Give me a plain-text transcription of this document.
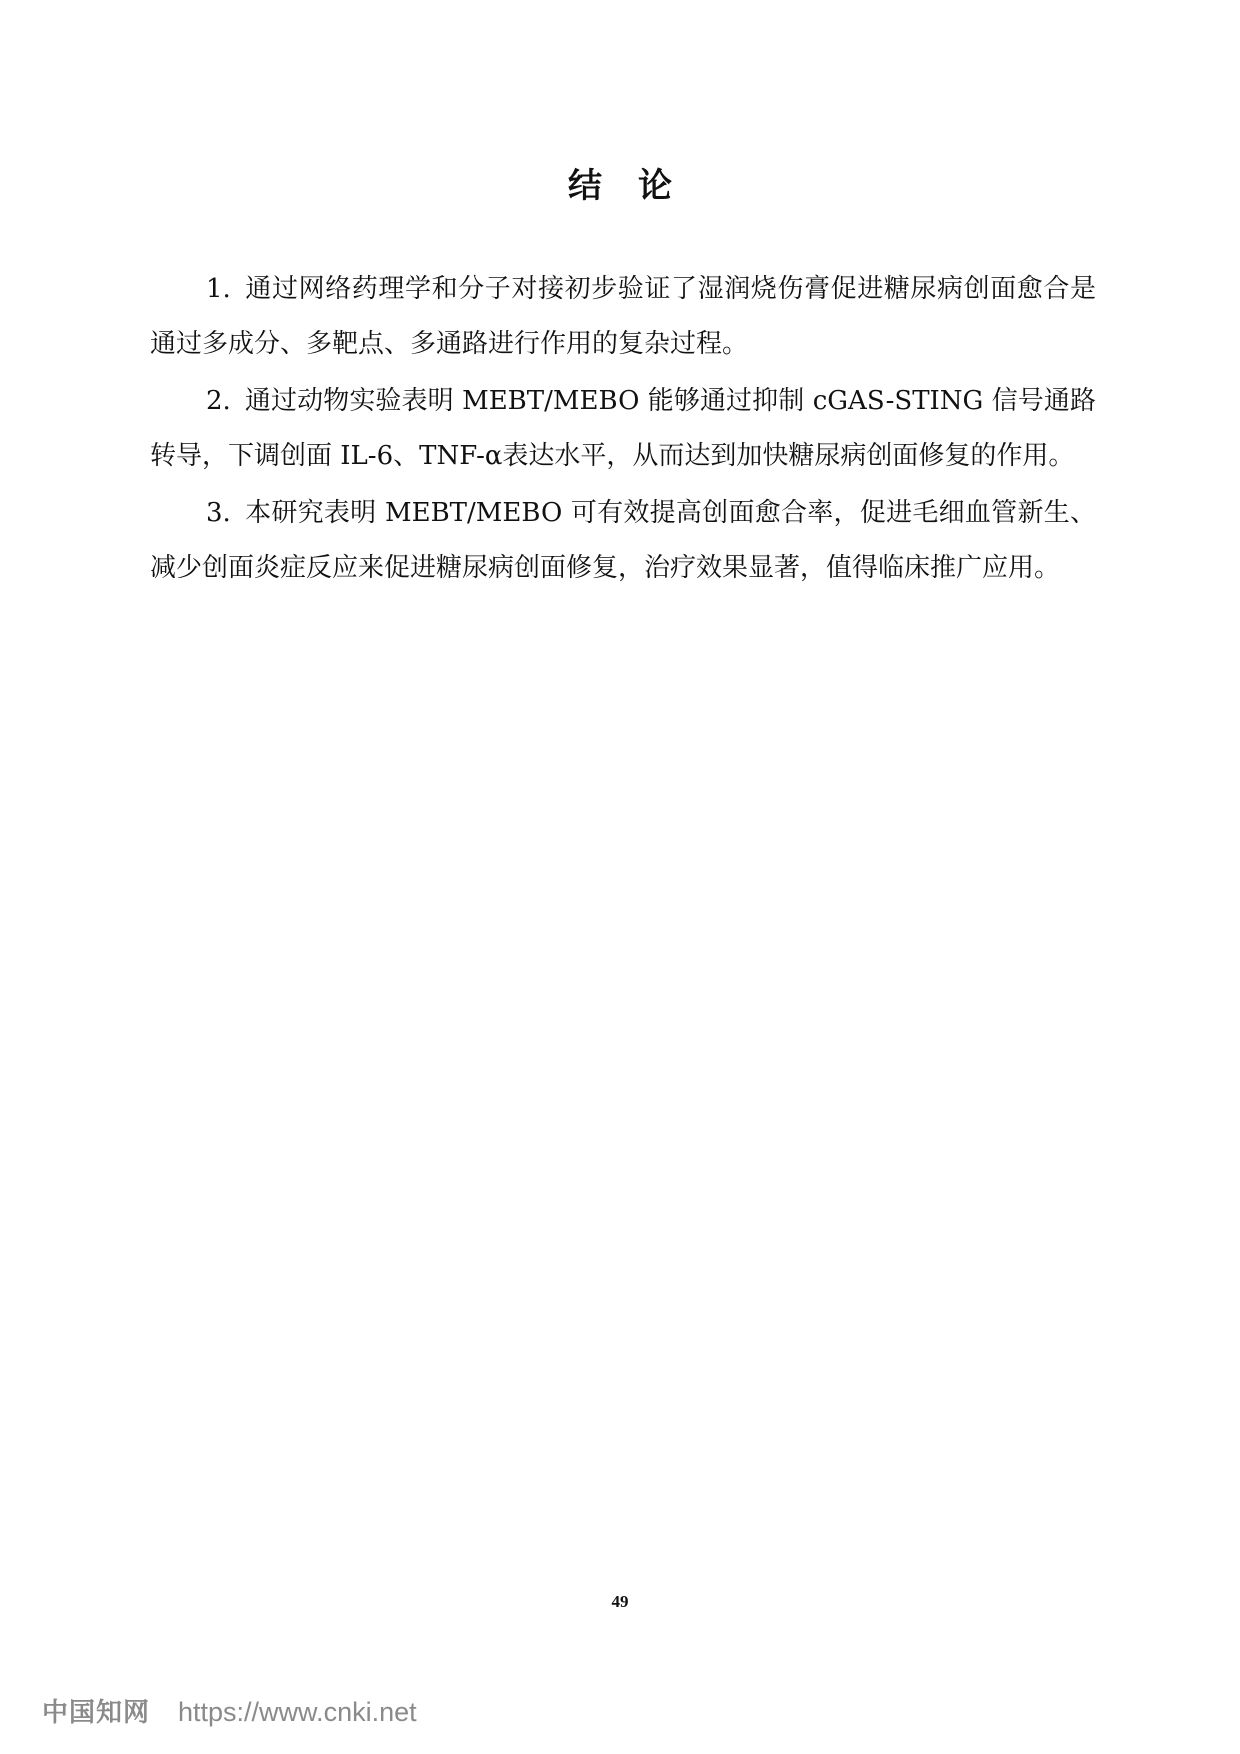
结论

1. 通过网络药理学和分子对接初步验证了湿润烧伤膏促进糖尿病创面愈合是通过多成分、多靶点、多通路进行作用的复杂过程。

2. 通过动物实验表明 MEBT/MEBO 能够通过抑制 cGAS-STING 信号通路转导，下调创面 IL-6、TNF-α表达水平，从而达到加快糖尿病创面修复的作用。

3. 本研究表明 MEBT/MEBO 可有效提高创面愈合率，促进毛细血管新生、减少创面炎症反应来促进糖尿病创面修复，治疗效果显著，值得临床推广应用。

49
中国知网 https://www.cnki.net
